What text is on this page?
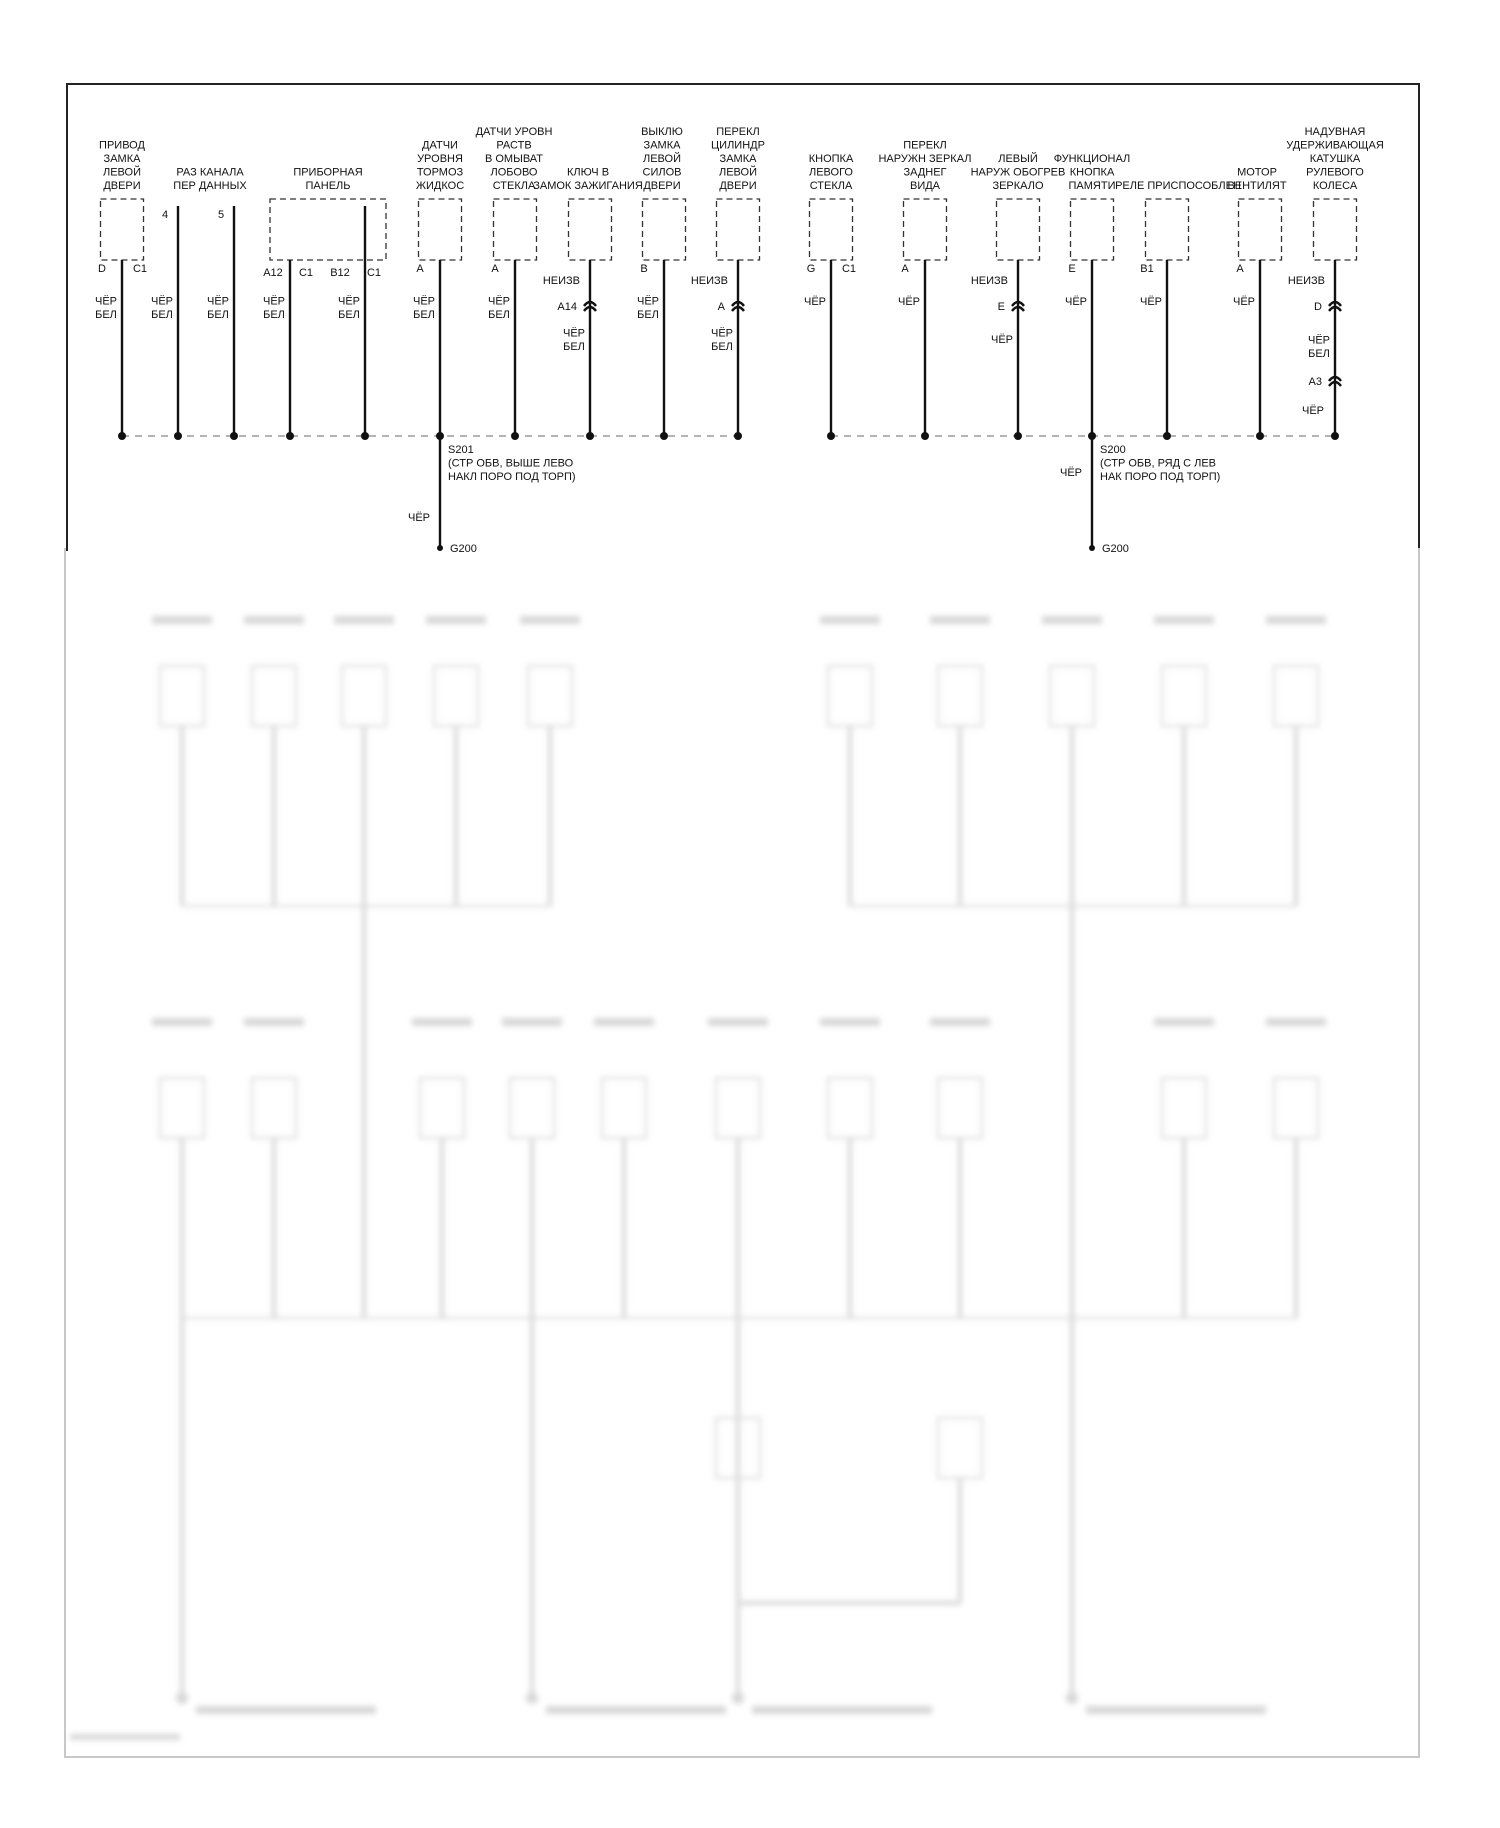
ПРИВОД
ЗАМКА
ЛЕВОЙ
ДВЕРИ
D C1
ЧЁР
БЕЛ
РАЗ КАНАЛА
ПЕР ДАННЫХ
4
ЧЁР
БЕЛ
5
ЧЁР
БЕЛ
ПРИБОРНАЯ
ПАНЕЛЬ
A12 C1 B12 C1
ЧЁР
БЕЛ
ЧЁР
БЕЛ
ДАТЧИ
УРОВНЯ
ТОРМОЗ
ЖИДКОС
A
ЧЁР
БЕЛ
ДАТЧИ УРОВН
РАСТВ
В ОМЫВАТ
ЛОБОВО
СТЕКЛА
A
ЧЁР
БЕЛ
КЛЮЧ В
ЗАМОК ЗАЖИГАНИЯ
НЕИЗВ
A14
ЧЁР
БЕЛ
ВЫКЛЮ
ЗАМКА
ЛЕВОЙ
СИЛОВ
ДВЕРИ
B
ЧЁР
БЕЛ
ПЕРЕКЛ
ЦИЛИНДР
ЗАМКА
ЛЕВОЙ
ДВЕРИ
НЕИЗВ
A
ЧЁР
БЕЛ
S201
(СТР ОБВ, ВЫШЕ ЛЕВО
НАКЛ ПОРО ПОД ТОРП)
ЧЁР
G200
КНОПКА
ЛЕВОГО
СТЕКЛА
G C1
ЧЁР
ПЕРЕКЛ
НАРУЖН ЗЕРКАЛ
ЗАДНЕГ
ВИДА
A
ЧЁР
ЛЕВЫЙ
НАРУЖ ОБОГРЕВ
ЗЕРКАЛО
НЕИЗВ
E
ЧЁР
ФУНКЦИОНАЛ
КНОПКА
ПАМЯТИ
E
ЧЁР
РЕЛЕ ПРИСПОСОБЛЕН
B1
ЧЁР
МОТОР
ВЕНТИЛЯТ
A
ЧЁР
НАДУВНАЯ
УДЕРЖИВАЮЩАЯ
КАТУШКА
РУЛЕВОГО
КОЛЕСА
НЕИЗВ
D
ЧЁР
БЕЛ
A3
ЧЁР
S200
(СТР ОБВ, РЯД С ЛЕВ
НАК ПОРО ПОД ТОРП)
ЧЁР
G200
